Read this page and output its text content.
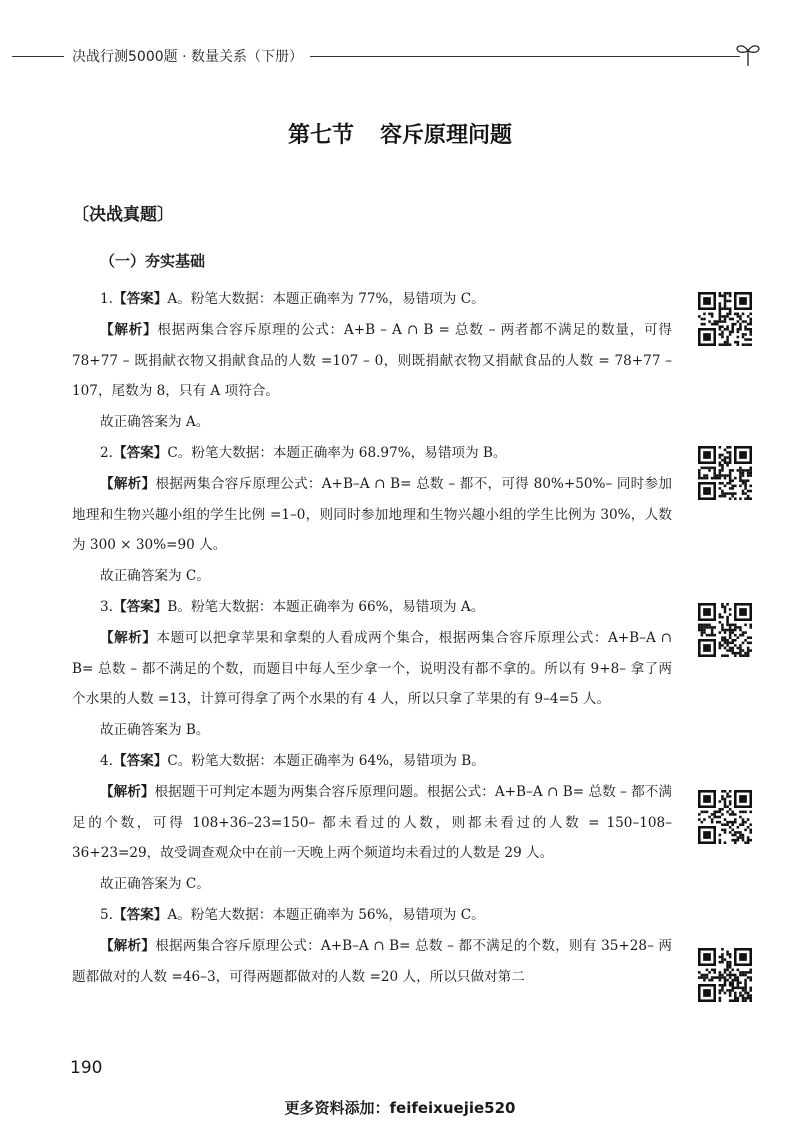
决战行测5000题 · 数量关系（下册）
第七节 容斥原理问题
〔决战真题〕
（一）夯实基础

1.【答案】A。粉笔大数据：本题正确率为 77%，易错项为 C。

【解析】根据两集合容斥原理的公式：A+B – A ∩ B = 总数 – 两者都不满足的数量，可得 78+77 – 既捐献衣物又捐献食品的人数 =107 – 0，则既捐献衣物又捐献食品的人数 = 78+77 –107，尾数为 8，只有 A 项符合。

故正确答案为 A。

2.【答案】C。粉笔大数据：本题正确率为 68.97%，易错项为 B。

【解析】根据两集合容斥原理公式：A+B–A ∩ B= 总数 – 都不，可得 80%+50%– 同时参加地理和生物兴趣小组的学生比例 =1–0，则同时参加地理和生物兴趣小组的学生比例为 30%，人数为 300 × 30%=90 人。

故正确答案为 C。

3.【答案】B。粉笔大数据：本题正确率为 66%，易错项为 A。

【解析】本题可以把拿苹果和拿梨的人看成两个集合，根据两集合容斥原理公式：A+B–A ∩ B= 总数 – 都不满足的个数，而题目中每人至少拿一个，说明没有都不拿的。所以有 9+8– 拿了两个水果的人数 =13，计算可得拿了两个水果的有 4 人，所以只拿了苹果的有 9–4=5 人。

故正确答案为 B。

4.【答案】C。粉笔大数据：本题正确率为 64%，易错项为 B。

【解析】根据题干可判定本题为两集合容斥原理问题。根据公式：A+B–A ∩ B= 总数 – 都不满足的个数，可得 108+36–23=150– 都未看过的人数，则都未看过的人数 = 150–108–36+23=29，故受调查观众中在前一天晚上两个频道均未看过的人数是 29 人。

故正确答案为 C。

5.【答案】A。粉笔大数据：本题正确率为 56%，易错项为 C。

【解析】根据两集合容斥原理公式：A+B–A ∩ B= 总数 – 都不满足的个数，则有 35+28– 两题都做对的人数 =46–3，可得两题都做对的人数 =20 人，所以只做对第二

190
更多资料添加：feifeixuejie520
